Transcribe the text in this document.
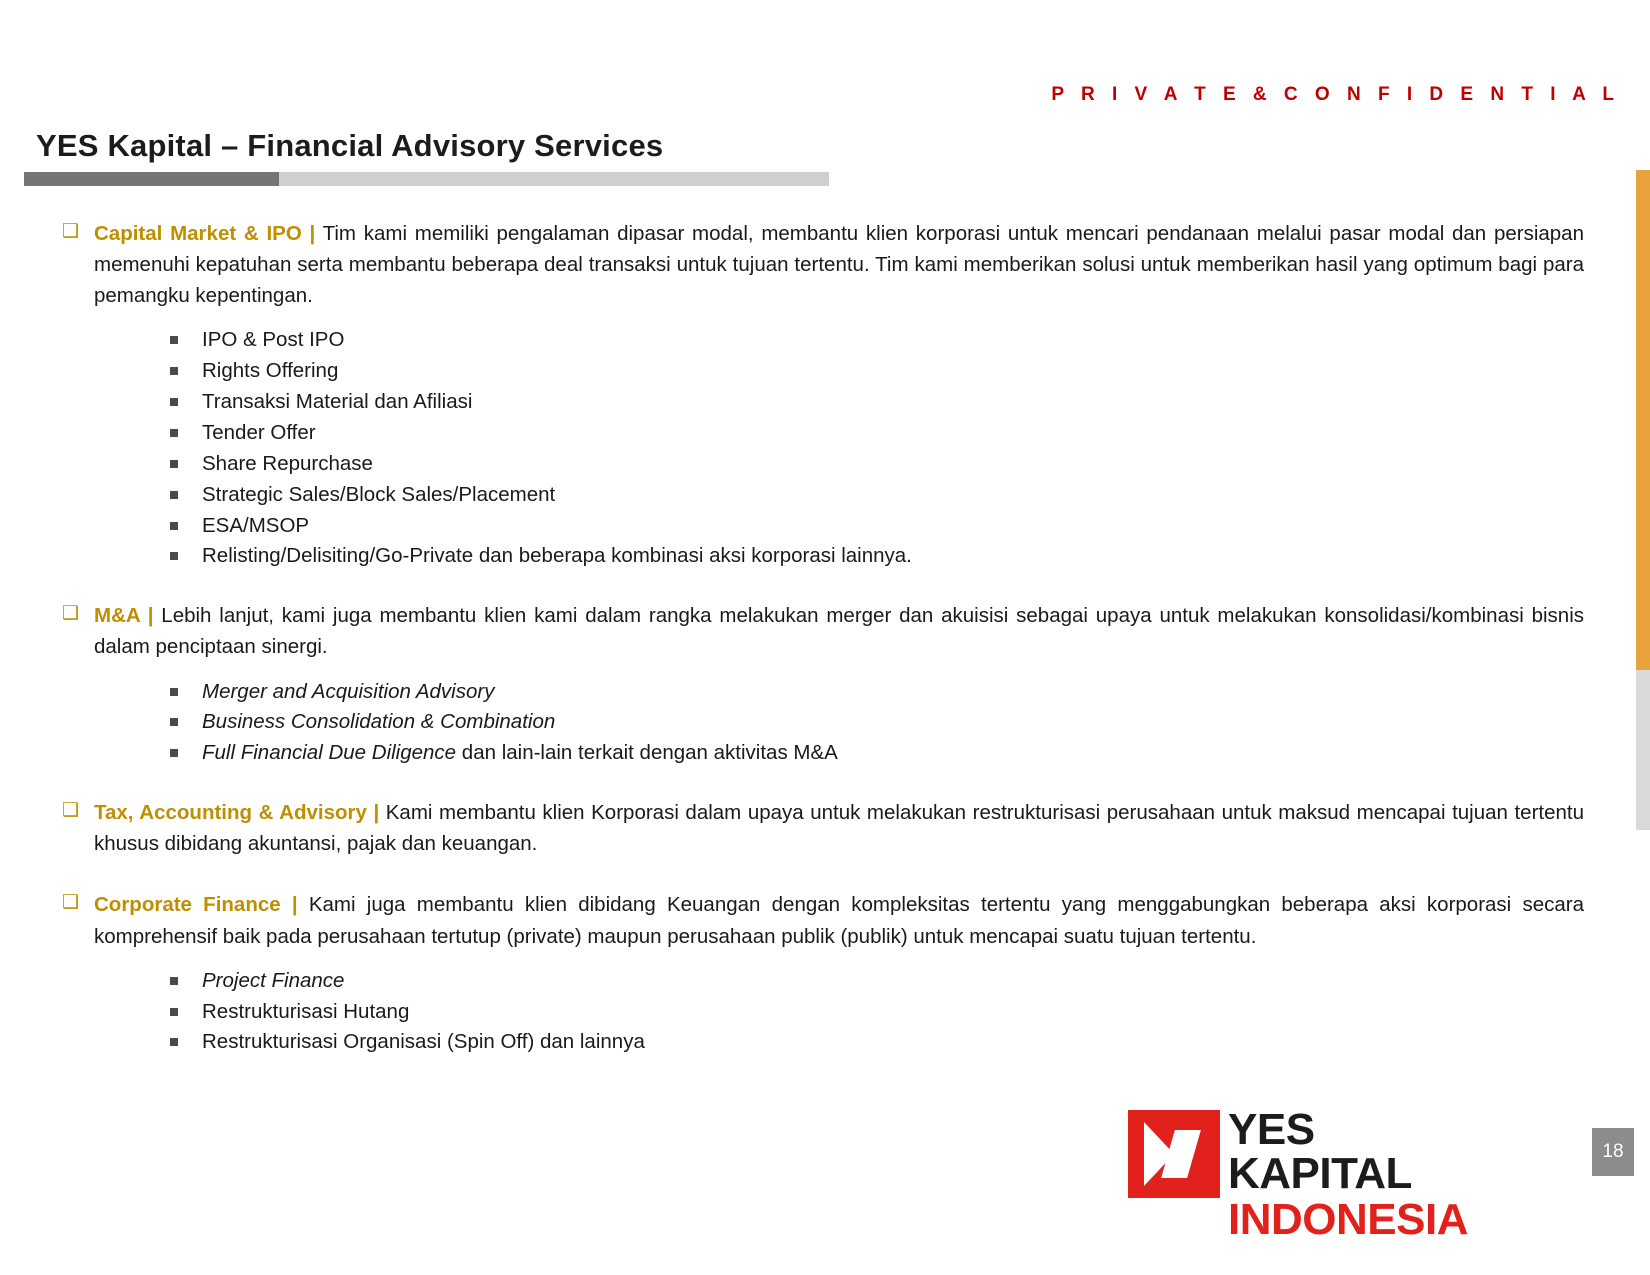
P R I V A T E & C O N F I D E N T I A L
YES Kapital – Financial Advisory Services
❑ Capital Market & IPO | Tim kami memiliki pengalaman dipasar modal, membantu klien korporasi untuk mencari pendanaan melalui pasar modal dan persiapan memenuhi kepatuhan serta membantu beberapa deal transaksi untuk tujuan tertentu. Tim kami memberikan solusi untuk memberikan hasil yang optimum bagi para pemangku kepentingan.
IPO & Post IPO
Rights Offering
Transaksi Material dan Afiliasi
Tender Offer
Share Repurchase
Strategic Sales/Block Sales/Placement
ESA/MSOP
Relisting/Delisiting/Go-Private dan beberapa kombinasi aksi korporasi lainnya.
❑ M&A | Lebih lanjut, kami juga membantu klien kami dalam rangka melakukan merger dan akuisisi sebagai upaya untuk melakukan konsolidasi/kombinasi bisnis dalam penciptaan sinergi.
Merger and Acquisition Advisory
Business Consolidation & Combination
Full Financial Due Diligence dan lain-lain terkait dengan aktivitas M&A
❑ Tax, Accounting & Advisory | Kami membantu klien Korporasi dalam upaya untuk melakukan restrukturisasi perusahaan untuk maksud mencapai tujuan tertentu khusus dibidang akuntansi, pajak dan keuangan.
❑ Corporate Finance | Kami juga membantu klien dibidang Keuangan dengan kompleksitas tertentu yang menggabungkan beberapa aksi korporasi secara komprehensif baik pada perusahaan tertutup (private) maupun perusahaan publik (publik) untuk mencapai suatu tujuan tertentu.
Project Finance
Restrukturisasi Hutang
Restrukturisasi Organisasi (Spin Off) dan lainnya
YES KAPITAL
INDONESIA
18
